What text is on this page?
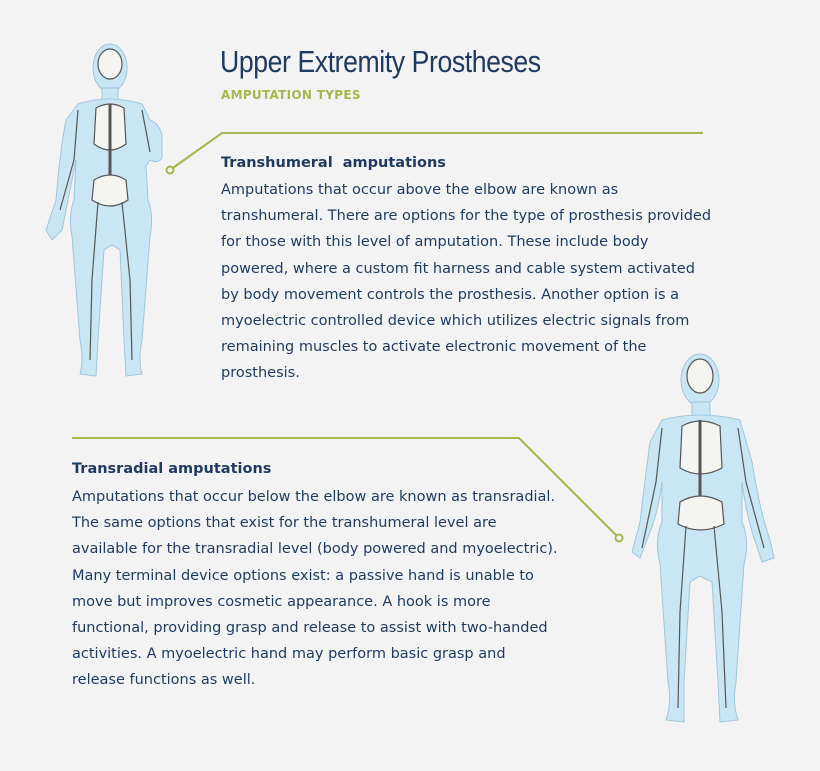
Upper Extremity Prostheses
AMPUTATION TYPES
Transhumeral  amputations

Amputations that occur above the elbow are known as transhumeral. There are options for the type of prosthesis provided for those with this level of amputation. These include body powered, where a custom fit harness and cable system activated by body movement controls the prosthesis. Another option is a myoelectric controlled device which utilizes electric signals from remaining muscles to activate electronic movement of the prosthesis.

Transradial amputations

Amputations that occur below the elbow are known as transradial. The same options that exist for the transhumeral level are available for the transradial level (body powered and myoelectric). Many terminal device options exist: a passive hand is unable to move but improves cosmetic appearance. A hook is more functional, providing grasp and release to assist with two-handed activities. A myoelectric hand may perform basic grasp and release functions as well.
